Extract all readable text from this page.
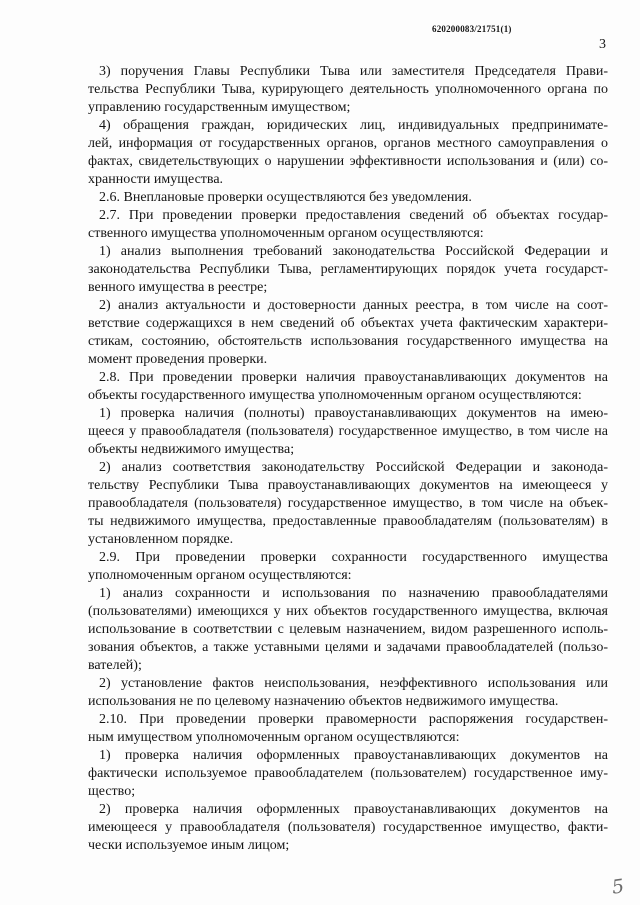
620200083/21751(1)
3
3) поручения Главы Республики Тыва или заместителя Председателя Прави-
тельства Республики Тыва, курирующего деятельность уполномоченного органа по
управлению государственным имуществом;
4) обращения граждан, юридических лиц, индивидуальных предпринимате-
лей, информация от государственных органов, органов местного самоуправления о
фактах, свидетельствующих о нарушении эффективности использования и (или) со-
хранности имущества.
2.6. Внеплановые проверки осуществляются без уведомления.
2.7. При проведении проверки предоставления сведений об объектах государ-
ственного имущества уполномоченным органом осуществляются:
1) анализ выполнения требований законодательства Российской Федерации и
законодательства Республики Тыва, регламентирующих порядок учета государст-
венного имущества в реестре;
2) анализ актуальности и достоверности данных реестра, в том числе на соот-
ветствие содержащихся в нем сведений об объектах учета фактическим характери-
стикам, состоянию, обстоятельств использования государственного имущества на
момент проведения проверки.
2.8. При проведении проверки наличия правоустанавливающих документов на
объекты государственного имущества уполномоченным органом осуществляются:
1) проверка наличия (полноты) правоустанавливающих документов на имею-
щееся у правообладателя (пользователя) государственное имущество, в том числе на
объекты недвижимого имущества;
2) анализ соответствия законодательству Российской Федерации и законода-
тельству Республики Тыва правоустанавливающих документов на имеющееся у
правообладателя (пользователя) государственное имущество, в том числе на объек-
ты недвижимого имущества, предоставленные правообладателям (пользователям) в
установленном порядке.
2.9. При проведении проверки сохранности государственного имущества
уполномоченным органом осуществляются:
1) анализ сохранности и использования по назначению правообладателями
(пользователями) имеющихся у них объектов государственного имущества, включая
использование в соответствии с целевым назначением, видом разрешенного исполь-
зования объектов, а также уставными целями и задачами правообладателей (пользо-
вателей);
2) установление фактов неиспользования, неэффективного использования или
использования не по целевому назначению объектов недвижимого имущества.
2.10. При проведении проверки правомерности распоряжения государствен-
ным имуществом уполномоченным органом осуществляются:
1) проверка наличия оформленных правоустанавливающих документов на
фактически используемое правообладателем (пользователем) государственное иму-
щество;
2) проверка наличия оформленных правоустанавливающих документов на
имеющееся у правообладателя (пользователя) государственное имущество, факти-
чески используемое иным лицом;
5
